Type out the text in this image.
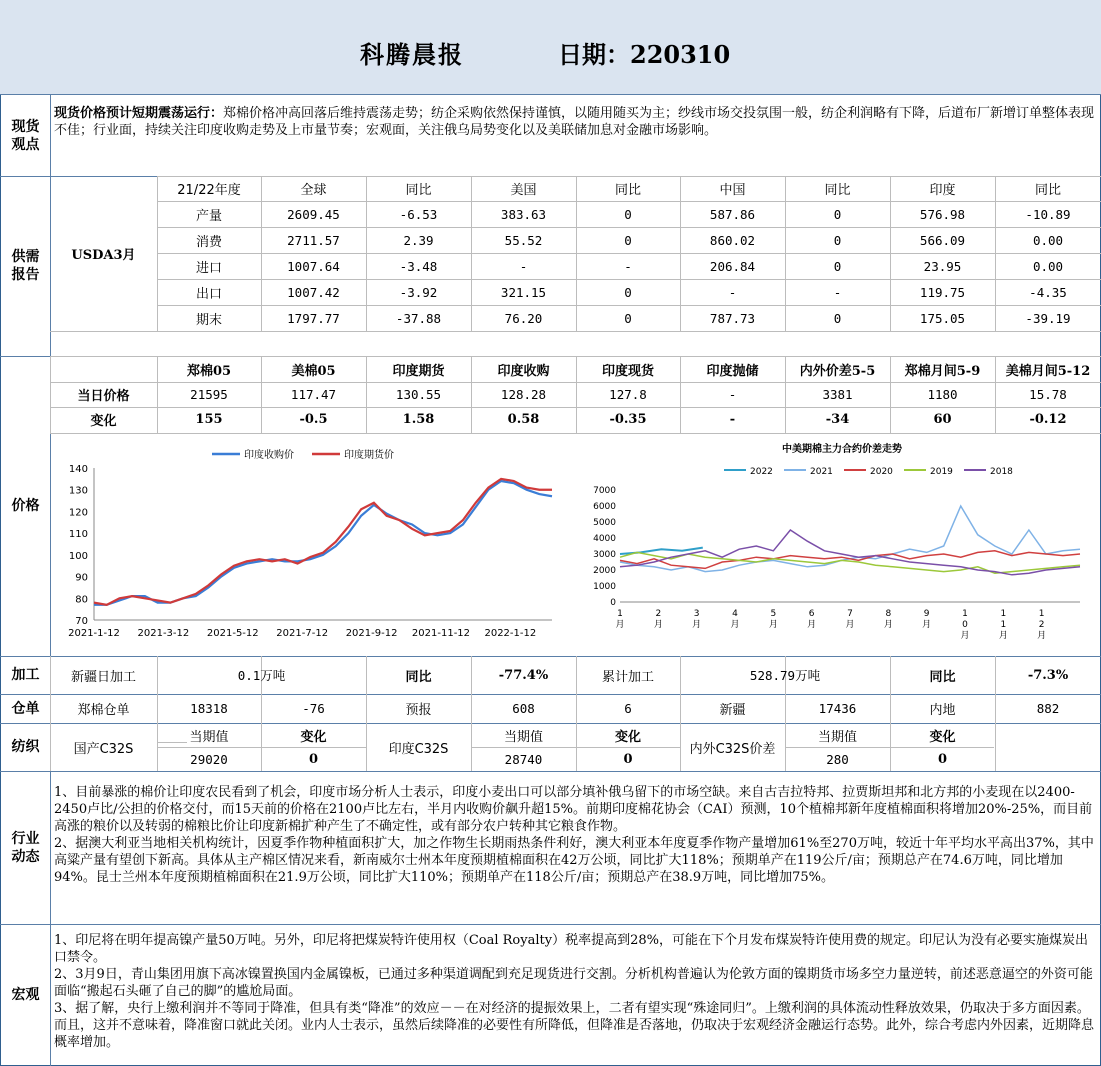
科腾晨报	日期：220310
现货
观点
供需
报告
价格
加工
仓单
纺织
行业
动态
宏观
现货价格预计短期震荡运行：郑棉价格冲高回落后维持震荡走势；纺企采购依然保持谨慎，以随用随买为主；纱线市场交投氛围一般，纺企利润略有下降，后道布厂新增订单整体表现不佳；行业面，持续关注印度收购走势及上市量节奏；宏观面，关注俄乌局势变化以及美联储加息对金融市场影响。
USDA3月
21/22年度	全球	同比	美国	同比	中国	同比	印度	同比
产量	2609.45	-6.53	383.63	0	587.86	0	576.98	-10.89
消费	2711.57	2.39	55.52	0	860.02	0	566.09	0.00
进口	1007.64	-3.48	-	-	206.84	0	23.95	0.00
出口	1007.42	-3.92	321.15	0	-	-	119.75	-4.35
期末	1797.77	-37.88	76.20	0	787.73	0	175.05	-39.19
郑棉05	美棉05	印度期货	印度收购	印度现货	印度抛储	内外价差5-5	郑棉月间5-9	美棉月间5-12
当日价格	21595	117.47	130.55	128.28	127.8	-	3381	1180	15.78
变化	155	-0.5	1.58	0.58	-0.35	-	-34	60	-0.12
70
80
90
100
110
120
130
140
2021-1-12 2021-3-12 2021-5-12 2021-7-12 2021-9-12 2021-11-12 2022-1-12
印度收购价	印度期货价
中美期棉主力合约价差走势
0
1000
2000
3000
4000
5000
6000
7000
1 月
2 月
3 月
4 月
5 月
6 月
7 月
8 月
9 月
1 0 月
1 1 月
1 2 月
2022	2021	2020	2019	2018
新疆日加工	0.1万吨	同比	-77.4%	累计加工	528.79万吨	同比	-7.3%
郑棉仓单	18318	-76	预报	608	6	新疆	17436	内地	882
国产C32S
当期值	变化
29020	0
印度C32S
当期值	变化
28740	0
内外C32S价差
当期值	变化
280	0
1、目前暴涨的棉价让印度农民看到了机会，印度市场分析人士表示，印度小麦出口可以部分填补俄乌留下的市场空缺。来自古吉拉特邦、拉贾斯坦邦和北方邦的小麦现在以2400-2450卢比/公担的价格交付，而15天前的价格在2100卢比左右，半月内收购价飙升超15%。前期印度棉花协会（CAI）预测，10个植棉邦新年度植棉面积将增加20%-25%，而目前高涨的粮价以及转弱的棉粮比价让印度新棉扩种产生了不确定性，或有部分农户转种其它粮食作物。
2、据澳大利亚当地相关机构统计，因夏季作物种植面积扩大，加之作物生长期雨热条件利好，澳大利亚本年度夏季作物产量增加61%至270万吨，较近十年平均水平高出37%，其中高粱产量有望创下新高。具体从主产棉区情况来看，新南威尔士州本年度预期植棉面积在42万公顷，同比扩大118%；预期单产在119公斤/亩；预期总产在74.6万吨，同比增加94%。昆士兰州本年度预期植棉面积在21.9万公顷，同比扩大110%；预期单产在118公斤/亩；预期总产在38.9万吨，同比增加75%。
1、印尼将在明年提高镍产量50万吨。另外，印尼将把煤炭特许使用权（Coal Royalty）税率提高到28%，可能在下个月发布煤炭特许使用费的规定。印尼认为没有必要实施煤炭出口禁令。
2、3月9日，青山集团用旗下高冰镍置换国内金属镍板，已通过多种渠道调配到充足现货进行交割。分析机构普遍认为伦敦方面的镍期货市场多空力量逆转，前述恶意逼空的外资可能面临“搬起石头砸了自己的脚”的尴尬局面。
3、据了解，央行上缴利润并不等同于降准，但具有类“降准”的效应－－在对经济的提振效果上，二者有望实现“殊途同归”。上缴利润的具体流动性释放效果，仍取决于多方面因素。而且，这并不意味着，降准窗口就此关闭。业内人士表示，虽然后续降准的必要性有所降低，但降准是否落地，仍取决于宏观经济金融运行态势。此外，综合考虑内外因素，近期降息概率增加。
